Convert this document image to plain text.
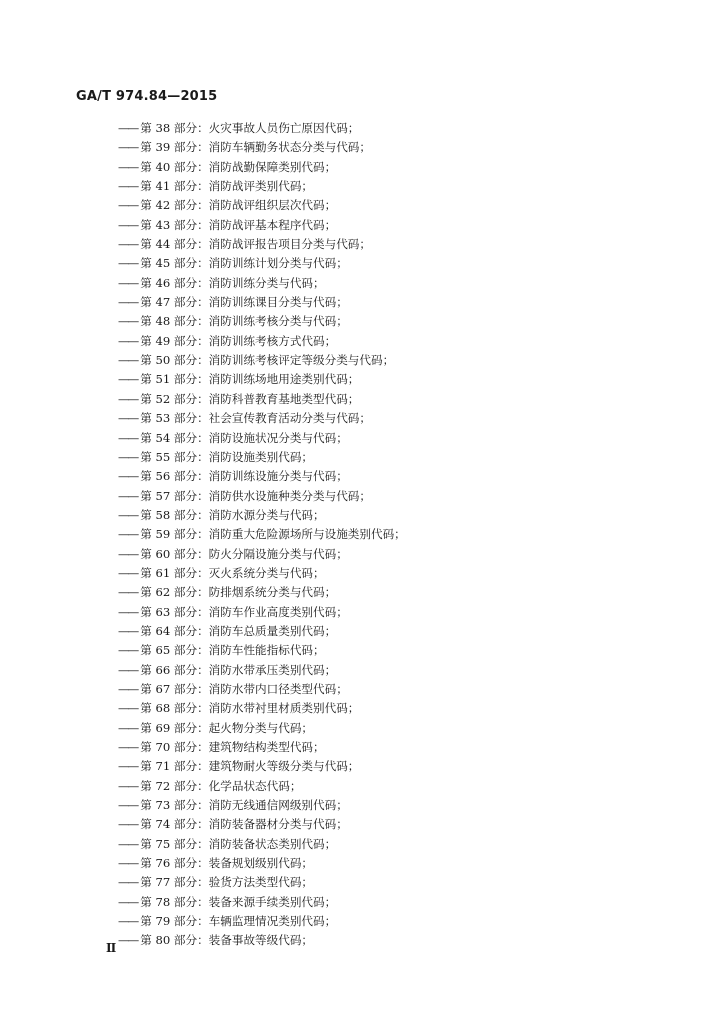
GA/T 974.84—2015
—— 第 38 部分：火灾事故人员伤亡原因代码；
—— 第 39 部分：消防车辆勤务状态分类与代码；
—— 第 40 部分：消防战勤保障类别代码；
—— 第 41 部分：消防战评类别代码；
—— 第 42 部分：消防战评组织层次代码；
—— 第 43 部分：消防战评基本程序代码；
—— 第 44 部分：消防战评报告项目分类与代码；
—— 第 45 部分：消防训练计划分类与代码；
—— 第 46 部分：消防训练分类与代码；
—— 第 47 部分：消防训练课目分类与代码；
—— 第 48 部分：消防训练考核分类与代码；
—— 第 49 部分：消防训练考核方式代码；
—— 第 50 部分：消防训练考核评定等级分类与代码；
—— 第 51 部分：消防训练场地用途类别代码；
—— 第 52 部分：消防科普教育基地类型代码；
—— 第 53 部分：社会宣传教育活动分类与代码；
—— 第 54 部分：消防设施状况分类与代码；
—— 第 55 部分：消防设施类别代码；
—— 第 56 部分：消防训练设施分类与代码；
—— 第 57 部分：消防供水设施种类分类与代码；
—— 第 58 部分：消防水源分类与代码；
—— 第 59 部分：消防重大危险源场所与设施类别代码；
—— 第 60 部分：防火分隔设施分类与代码；
—— 第 61 部分：灭火系统分类与代码；
—— 第 62 部分：防排烟系统分类与代码；
—— 第 63 部分：消防车作业高度类别代码；
—— 第 64 部分：消防车总质量类别代码；
—— 第 65 部分：消防车性能指标代码；
—— 第 66 部分：消防水带承压类别代码；
—— 第 67 部分：消防水带内口径类型代码；
—— 第 68 部分：消防水带衬里材质类别代码；
—— 第 69 部分：起火物分类与代码；
—— 第 70 部分：建筑物结构类型代码；
—— 第 71 部分：建筑物耐火等级分类与代码；
—— 第 72 部分：化学品状态代码；
—— 第 73 部分：消防无线通信网级别代码；
—— 第 74 部分：消防装备器材分类与代码；
—— 第 75 部分：消防装备状态类别代码；
—— 第 76 部分：装备规划级别代码；
—— 第 77 部分：验货方法类型代码；
—— 第 78 部分：装备来源手续类别代码；
—— 第 79 部分：车辆监理情况类别代码；
—— 第 80 部分：装备事故等级代码；
II
